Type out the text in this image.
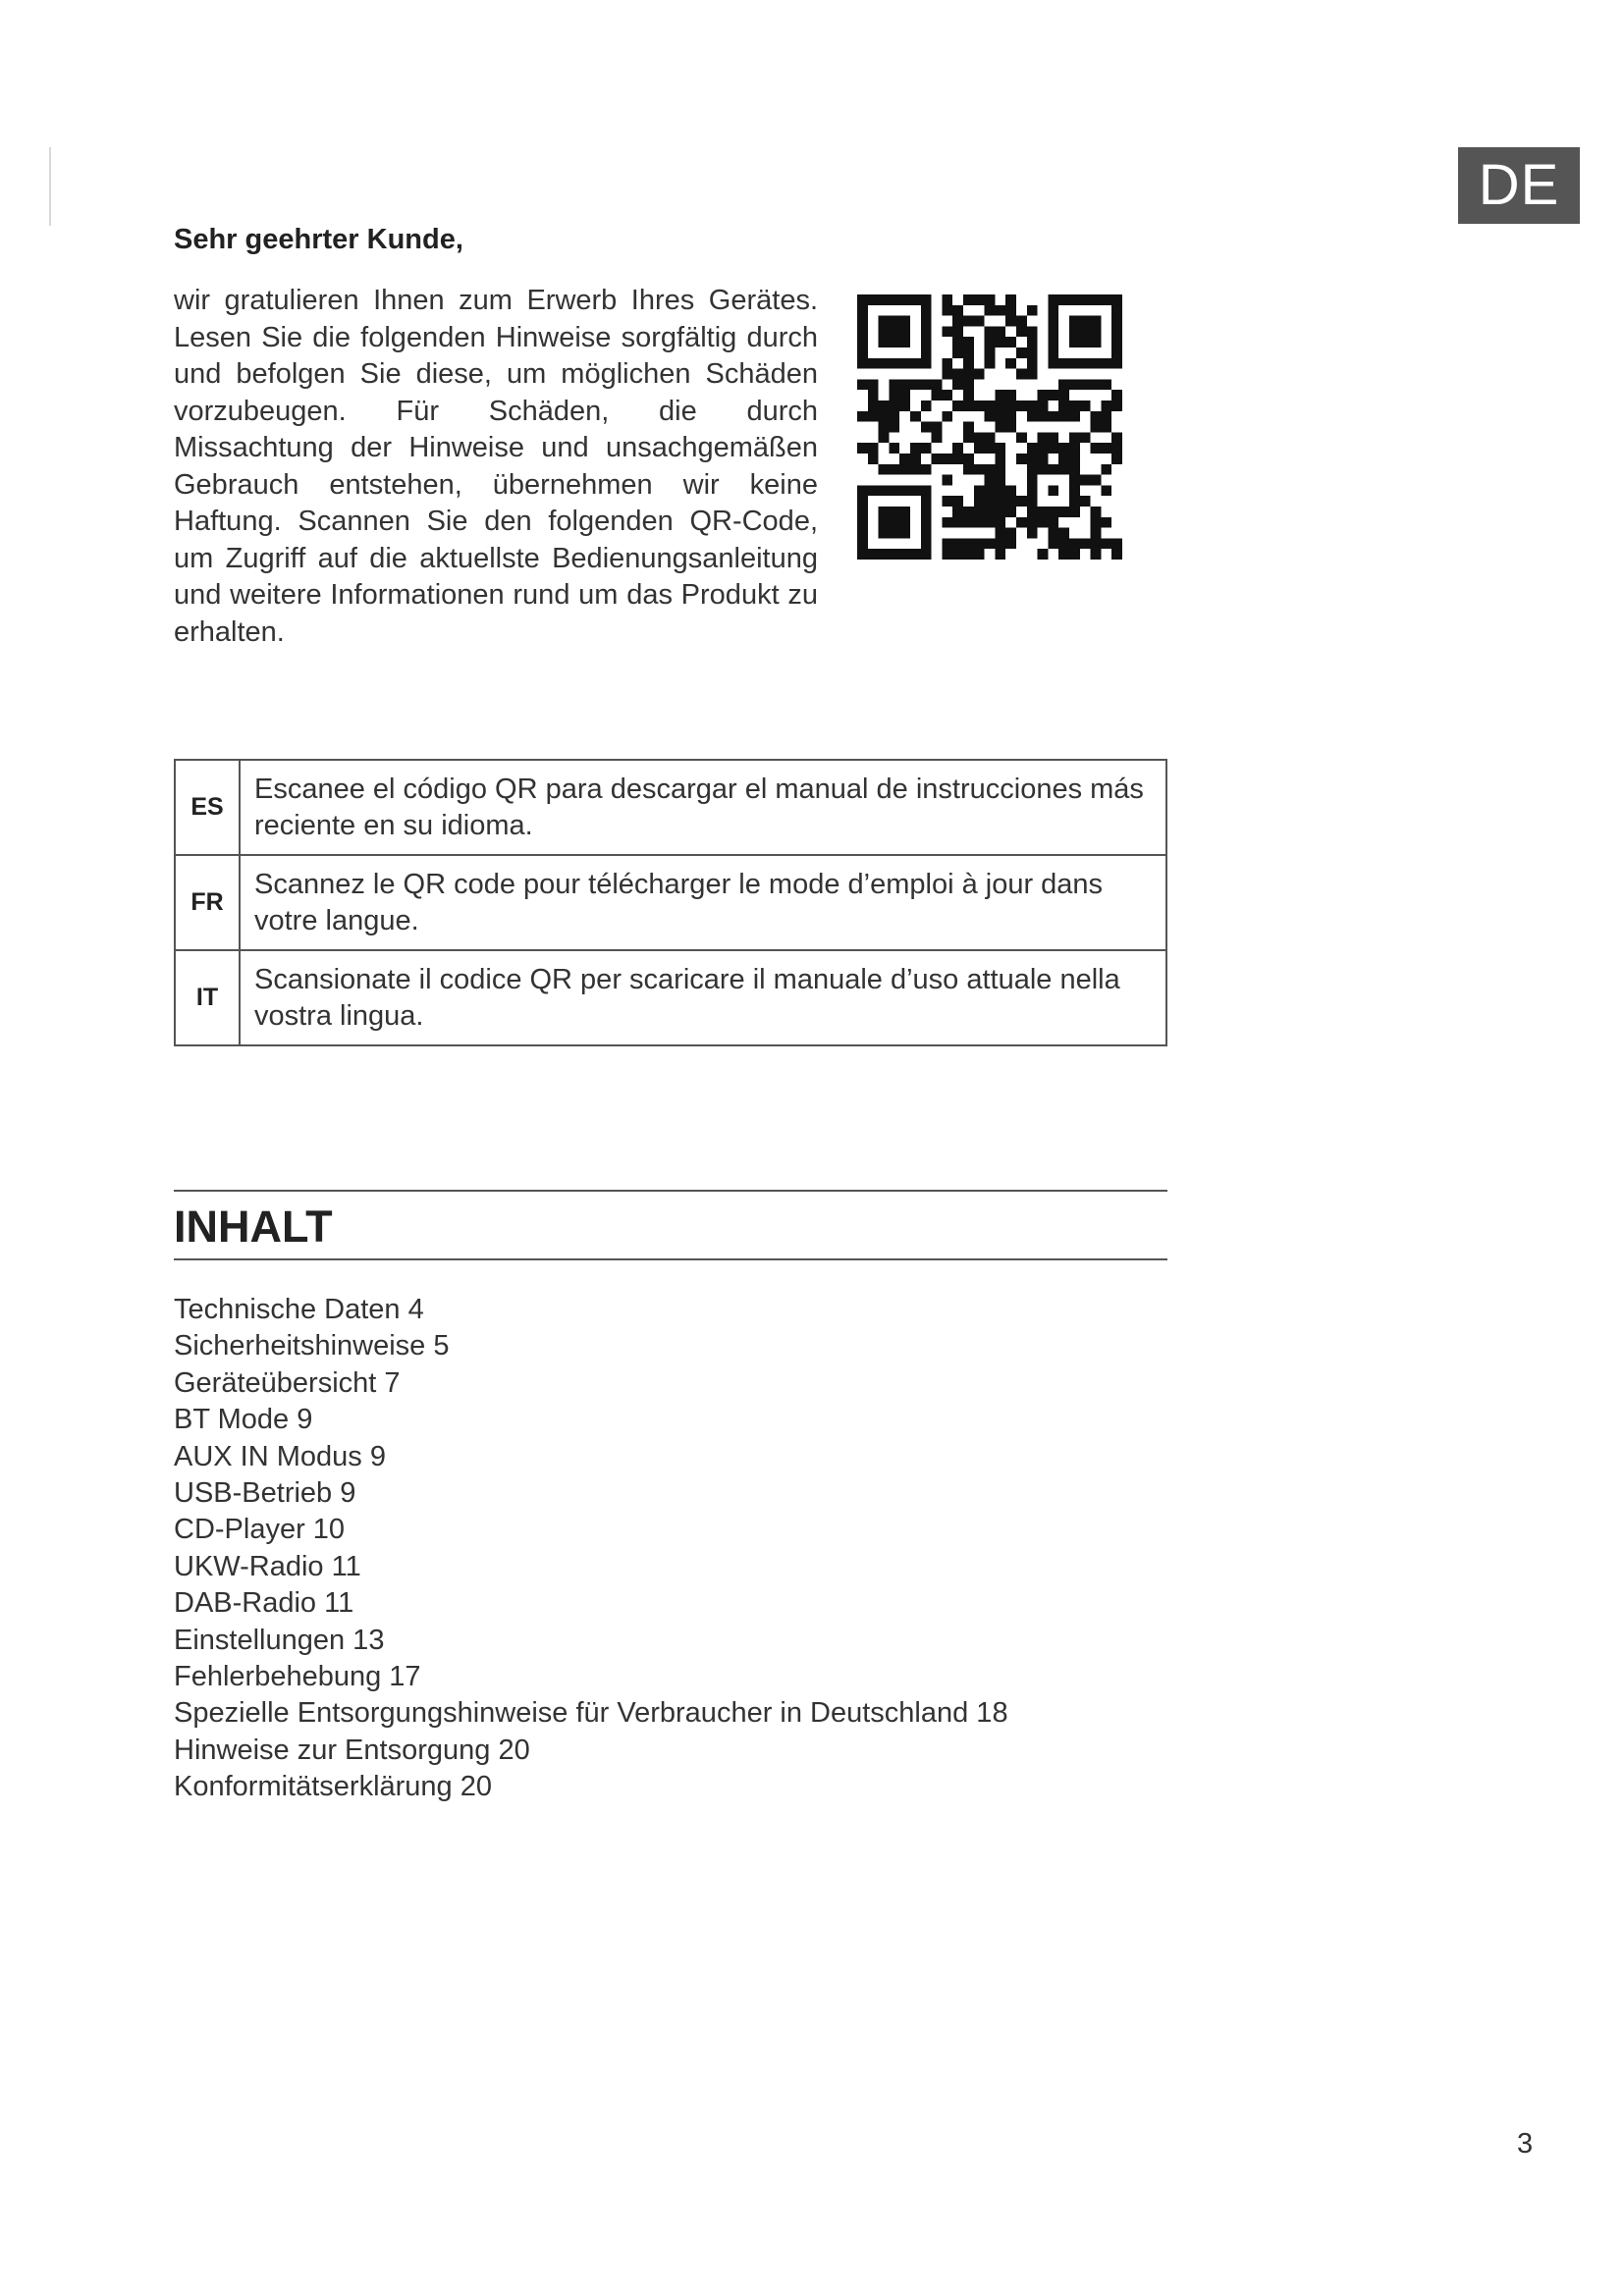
DE
Sehr geehrter Kunde,

wir gratulieren Ihnen zum Erwerb Ihres Gerätes. Lesen Sie die folgenden Hinweise sorgfältig durch und befolgen Sie diese, um möglichen Schäden vorzubeugen. Für Schäden, die durch Missachtung der Hinweise und unsachgemäßen Gebrauch entstehen, übernehmen wir keine Haftung. Scannen Sie den folgenden QR-Code, um Zugriff auf die aktuellste Bedienungsanleitung und weitere Informationen rund um das Produkt zu erhalten.

ES	Escanee el código QR para descargar el manual de instrucciones más reciente en su idioma.
FR	Scannez le QR code pour télécharger le mode d’emploi à jour dans votre langue.
IT	Scansionate il codice QR per scaricare il manuale d’uso attuale nella vostra lingua.
INHALT
Technische Daten 4
Sicherheitshinweise 5
Geräteübersicht 7
BT Mode 9
AUX IN Modus 9
USB-Betrieb 9
CD-Player 10
UKW-Radio 11
DAB-Radio 11
Einstellungen 13
Fehlerbehebung 17
Spezielle Entsorgungshinweise für Verbraucher in Deutschland 18
Hinweise zur Entsorgung 20
Konformitätserklärung 20
3
